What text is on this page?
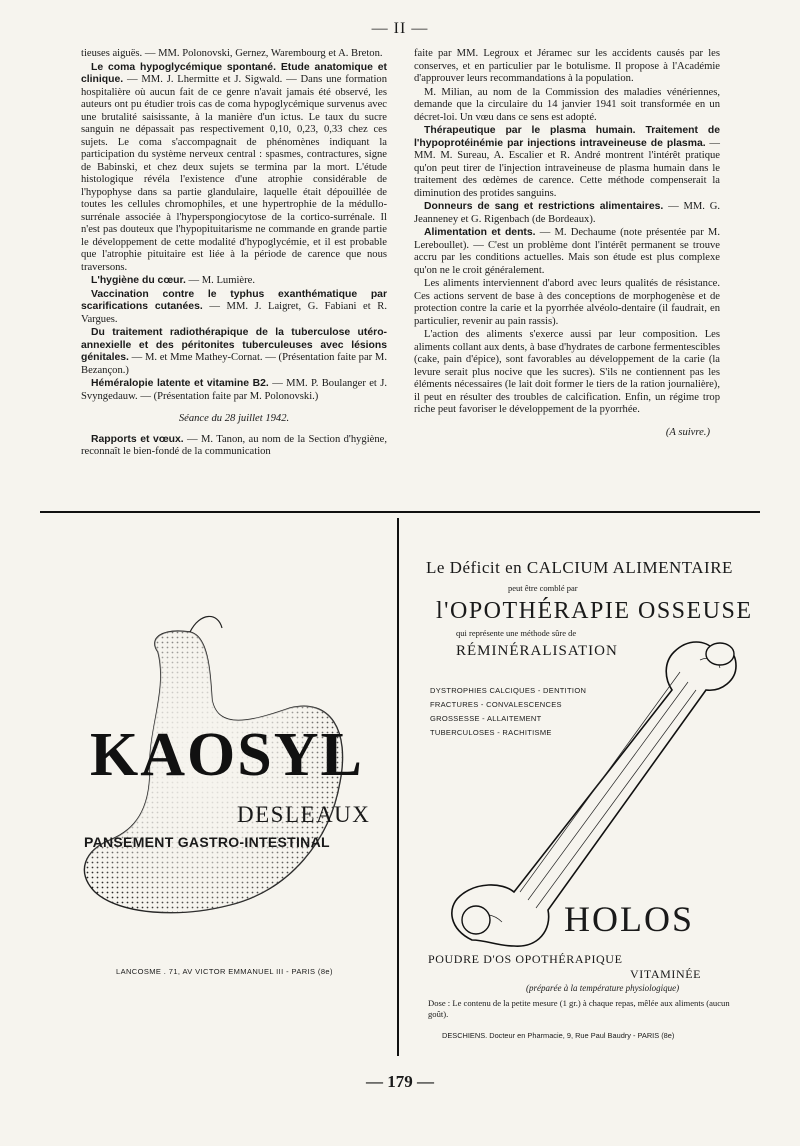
— II —

tieuses aiguës. — MM. Polonovski, Gernez, Warembourg et A. Breton.

Le coma hypoglycémique spontané. Etude anatomique et clinique. — MM. J. Lhermitte et J. Sigwald. — Dans une formation hospitalière où aucun fait de ce genre n'avait jamais été observé, les auteurs ont pu étudier trois cas de coma hypoglycémique survenus avec une brutalité saisissante, à la manière d'un ictus. Le taux du sucre sanguin ne dépassait pas respectivement 0,10, 0,23, 0,33 chez ces sujets. Le coma s'accompagnait de phénomènes indiquant la participation du système nerveux central : spasmes, contractures, signe de Babinski, et chez deux sujets se termina par la mort. L'étude histologique révéla l'existence d'une atrophie considérable de l'hypophyse dans sa partie glandulaire, laquelle était dépouillée de toutes les cellules chromophiles, et une hypertrophie de la médullo-surrénale associée à l'hyperspongiocytose de la cortico-surrénale. Il n'est pas douteux que l'hypopituitarisme ne commande en grande partie le développement de cette modalité d'hypoglycémie, et il est probable que l'atrophie pituitaire est liée à la période de carence que nous traversons.

L'hygiène du cœur. — M. Lumière.

Vaccination contre le typhus exanthématique par scarifications cutanées. — MM. J. Laigret, G. Fabiani et R. Vargues.

Du traitement radiothérapique de la tuberculose utéro-annexielle et des péritonites tuberculeuses avec lésions génitales. — M. et Mme Mathey-Cornat. — (Présentation faite par M. Bezançon.)

Héméralopie latente et vitamine B2. — MM. P. Boulanger et J. Svyngedauw. — (Présentation faite par M. Polonovski.)

Séance du 28 juillet 1942.

Rapports et vœux. — M. Tanon, au nom de la Section d'hygiène, reconnaît le bien-fondé de la communication

faite par MM. Legroux et Jéramec sur les accidents causés par les conserves, et en particulier par le botulisme. Il propose à l'Académie d'approuver leurs recommandations à la population.

M. Milian, au nom de la Commission des maladies vénériennes, demande que la circulaire du 14 janvier 1941 soit transformée en un décret-loi. Un vœu dans ce sens est adopté.

Thérapeutique par le plasma humain. Traitement de l'hypoprotéinémie par injections intraveineuse de plasma. — MM. M. Sureau, A. Escalier et R. André montrent l'intérêt pratique qu'on peut tirer de l'injection intraveineuse de plasma humain dans le traitement des œdèmes de carence. Cette méthode compenserait la diminution des protides sanguins.

Donneurs de sang et restrictions alimentaires. — MM. G. Jeanneney et G. Rigenbach (de Bordeaux).

Alimentation et dents. — M. Dechaume (note présentée par M. Lereboullet). — C'est un problème dont l'intérêt permanent se trouve accru par les conditions actuelles. Mais son étude est plus complexe qu'on ne le croit généralement.

Les aliments interviennent d'abord avec leurs qualités de résistance. Ces actions servent de base à des conceptions de morphogenèse et de protection contre la carie et la pyorrhée alvéolo-dentaire (il faudrait, en particulier, revenir au pain rassis).

L'action des aliments s'exerce aussi par leur composition. Les aliments collant aux dents, à base d'hydrates de carbone fermentescibles (cake, pain d'épice), sont favorables au développement de la carie (la levure serait plus nocive que les sucres). S'ils ne contiennent pas les éléments nécessaires (le lait doit former le tiers de la ration journalière), il peut en résulter des troubles de calcification. Enfin, un régime trop riche peut favoriser le développement de la pyorrhée.

(A suivre.)

KAOSYL
DESLEAUX
PANSEMENT GASTRO-INTESTINAL
LANCOSME . 71, AV VICTOR EMMANUEL III - PARIS (8e)
Le Déficit en CALCIUM ALIMENTAIRE
peut être comblé par
l'OPOTHÉRAPIE OSSEUSE
qui représente une méthode sûre de
RÉMINÉRALISATION
DYSTROPHIES CALCIQUES - DENTITION
FRACTURES - CONVALESCENCES
GROSSESSE - ALLAITEMENT
TUBERCULOSES - RACHITISME
HOLOS
POUDRE D'OS OPOTHÉRAPIQUE
VITAMINÉE
(préparée à la température physiologique)
Dose : Le contenu de la petite mesure (1 gr.) à chaque repas, mêlée aux aliments (aucun goût).
DESCHIENS. Docteur en Pharmacie, 9, Rue Paul Baudry - PARIS (8e)
— 179 —
